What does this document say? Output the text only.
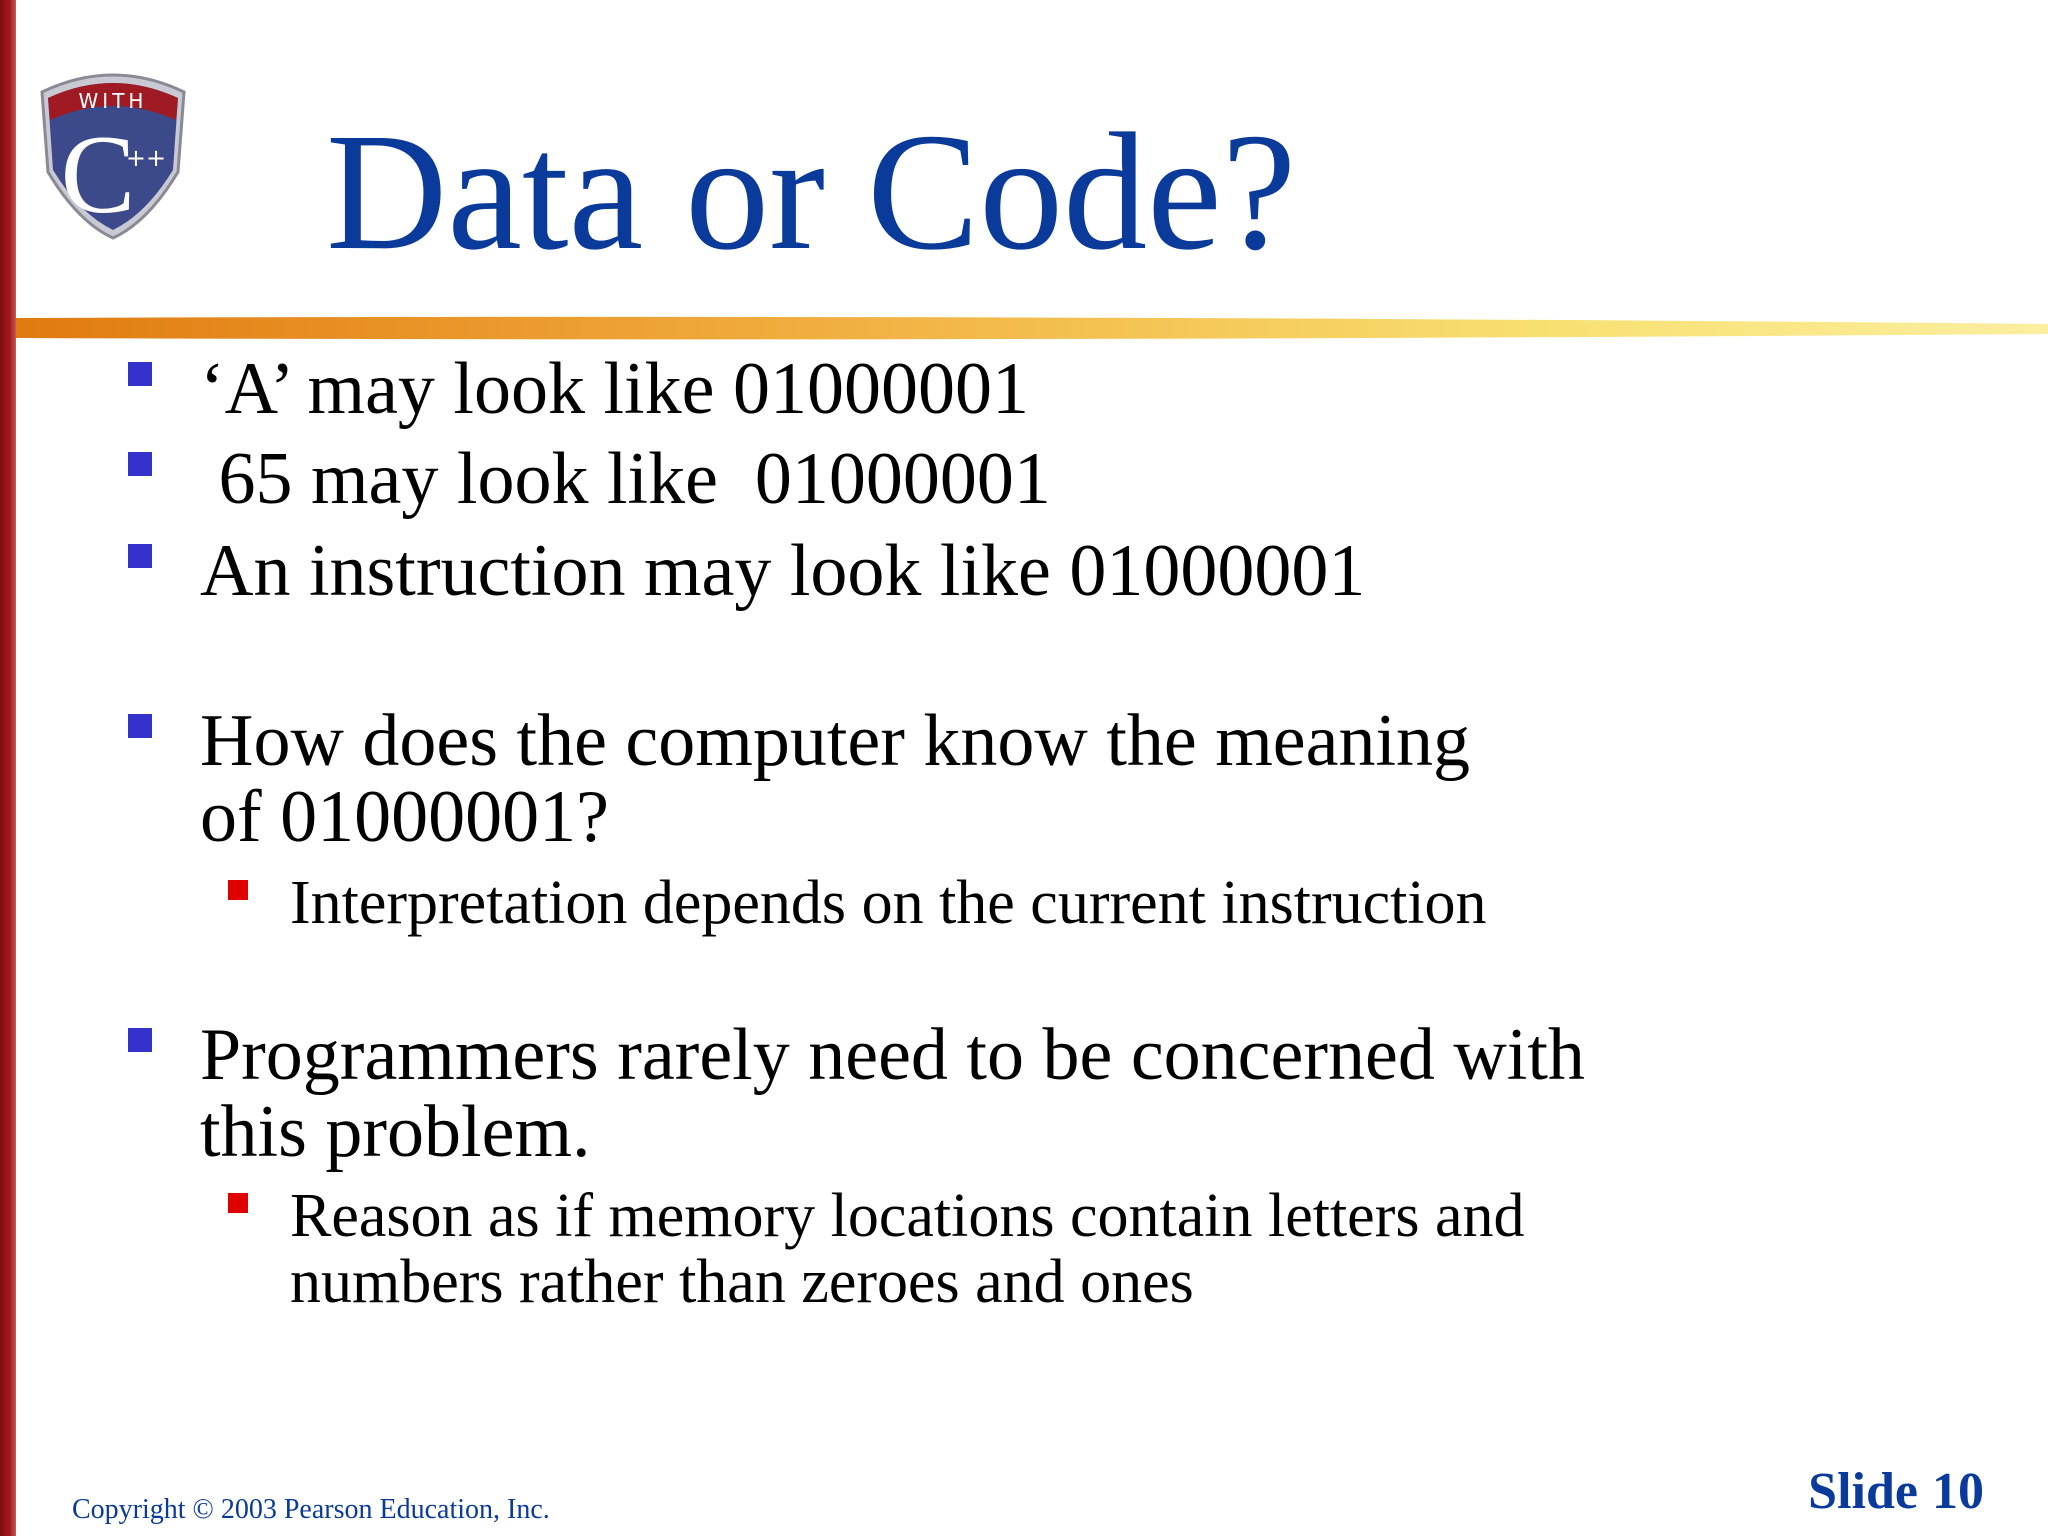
WITH
C
++ Data or Code?
‘A’ may look like 01000001
65 may look like  01000001
An instruction may look like 01000001
How does the computer know the meaning
of 01000001?
Interpretation depends on the current instruction
Programmers rarely need to be concerned with
this problem.
Reason as if memory locations contain letters and
numbers rather than zeroes and ones
Copyright © 2003 Pearson Education, Inc.	Slide 10
